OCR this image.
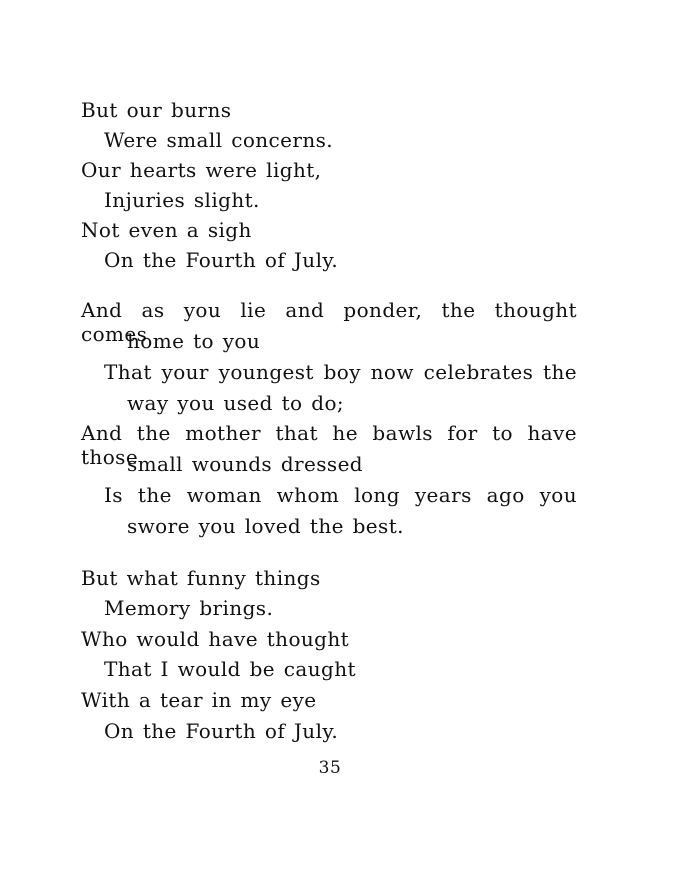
But our burns
Were small concerns.
Our hearts were light,
Injuries slight.
Not even a sigh
On the Fourth of July.
And as you lie and ponder, the thought comes
home to you
That your youngest boy now celebrates the
way you used to do;
And the mother that he bawls for to have those
small wounds dressed
Is the woman whom long years ago you
swore you loved the best.
But what funny things
Memory brings.
Who would have thought
That I would be caught
With a tear in my eye
On the Fourth of July.
35
